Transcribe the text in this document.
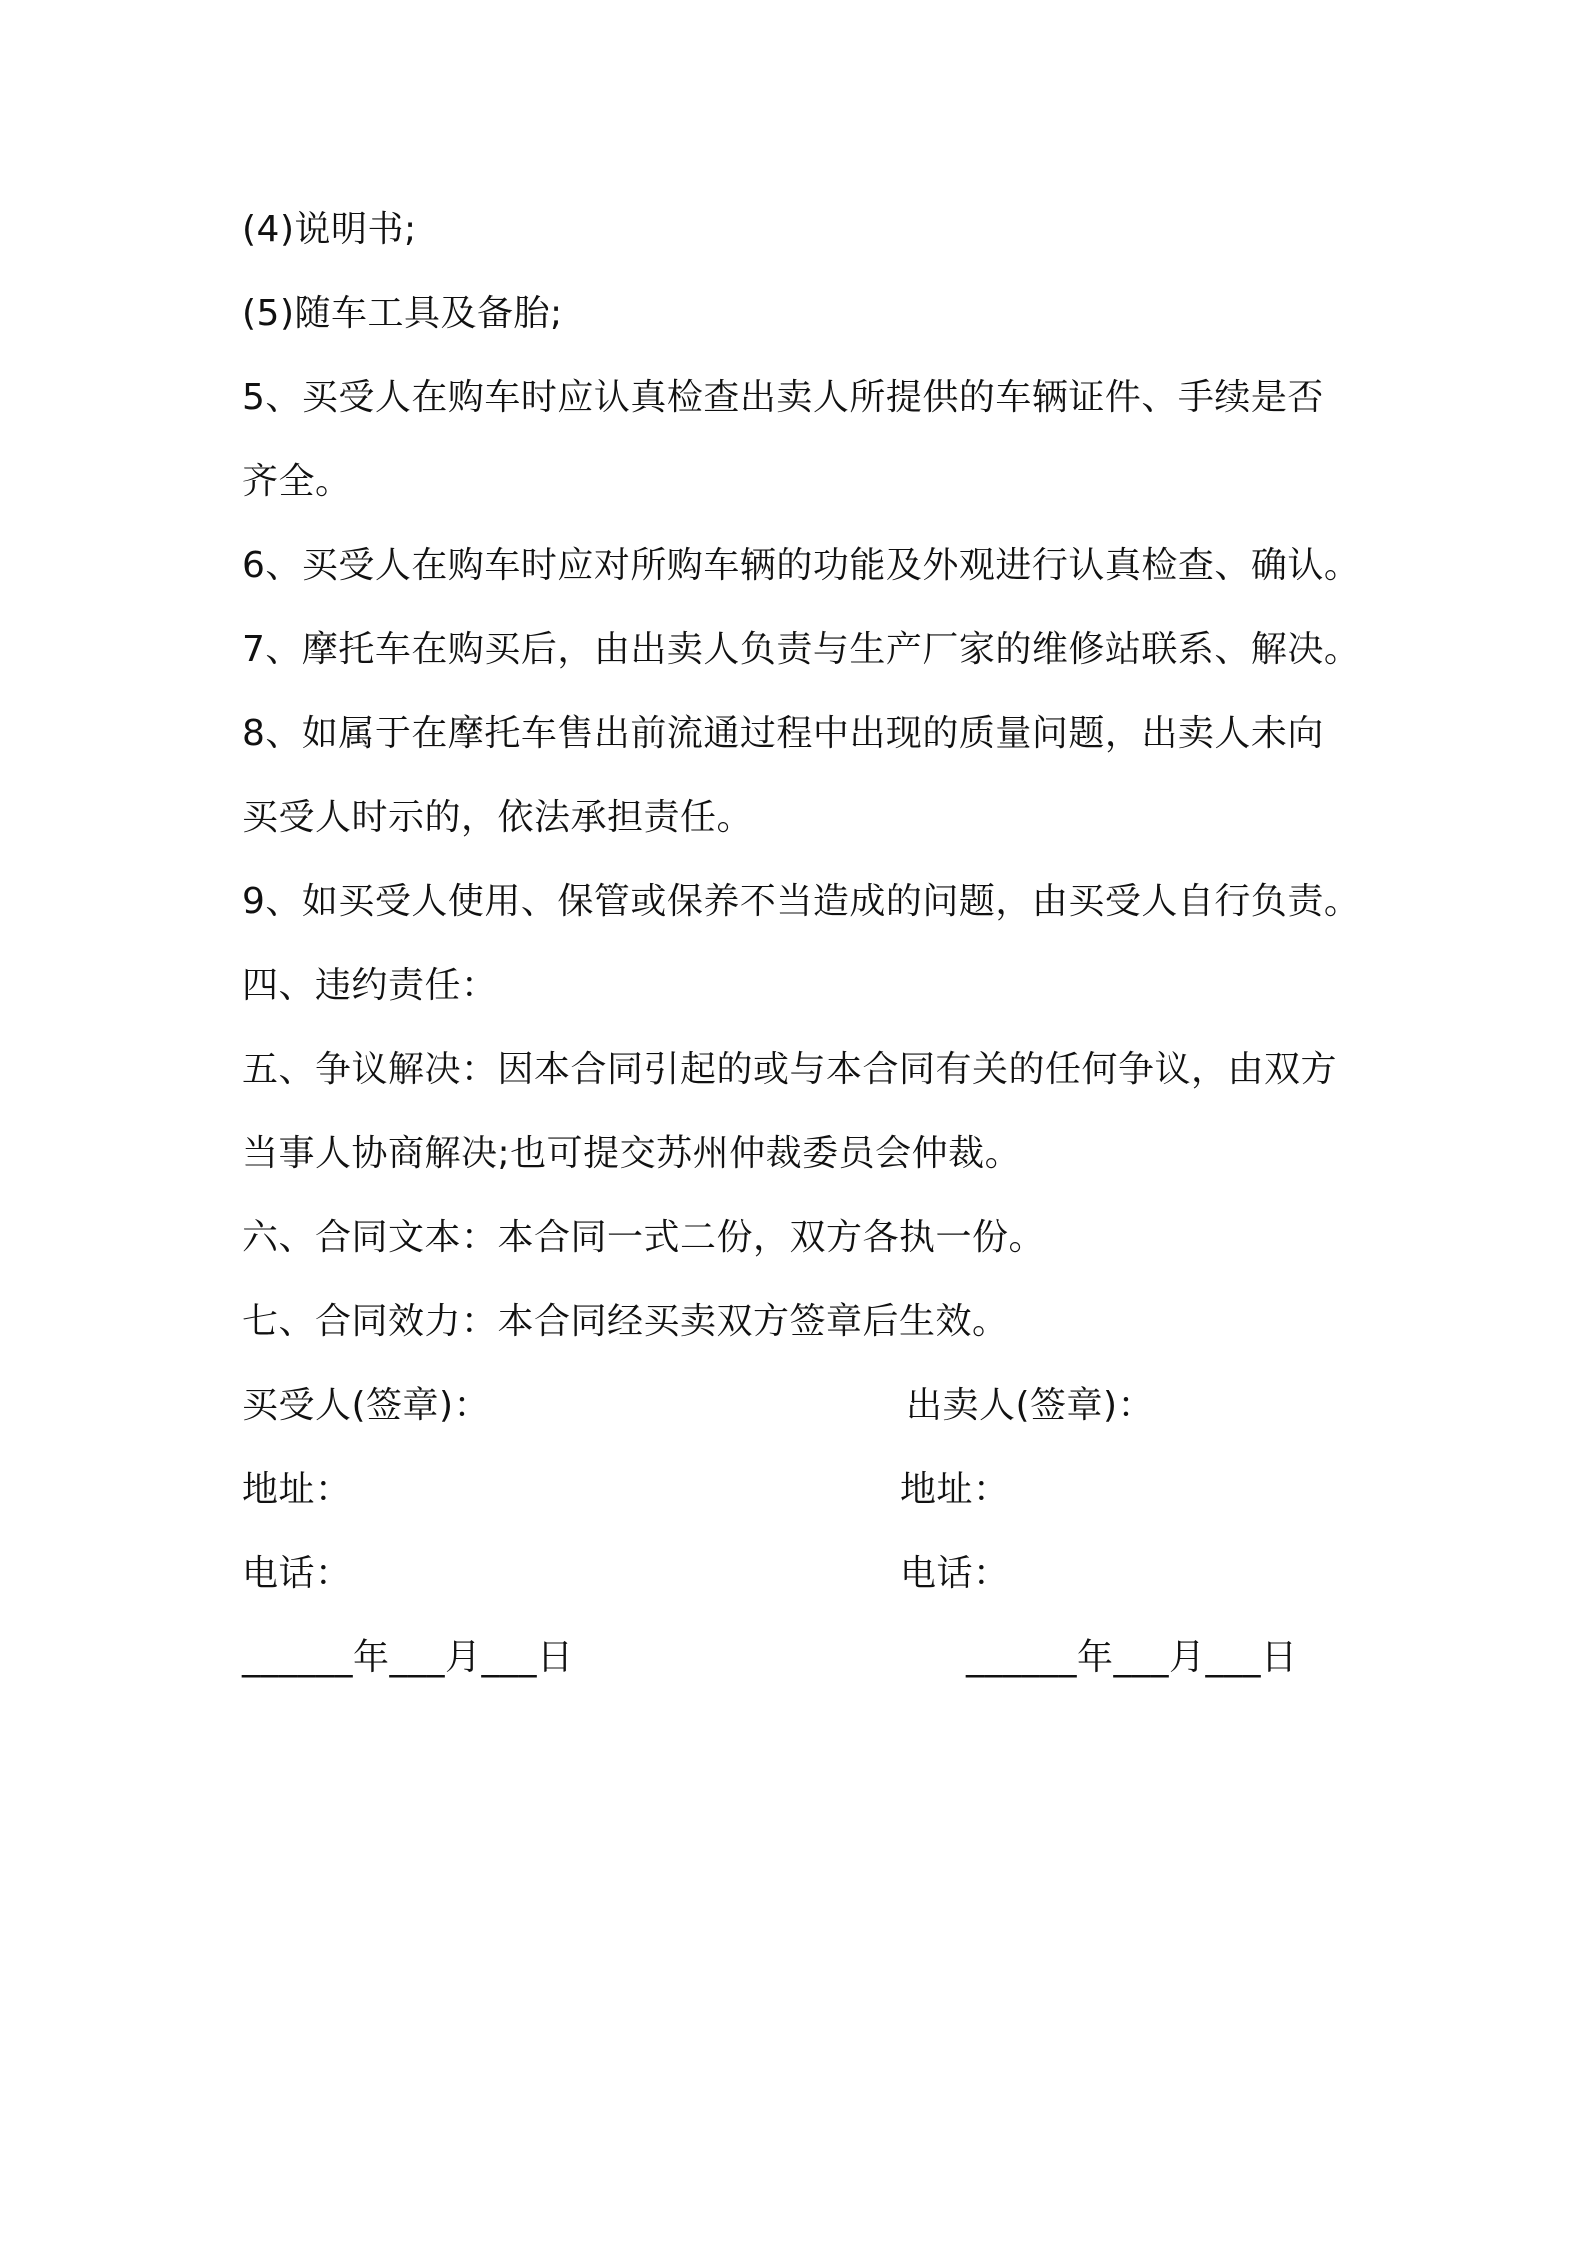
(4)说明书;
(5)随车工具及备胎;
5、买受人在购车时应认真检查出卖人所提供的车辆证件、手续是否
齐全。
6、买受人在购车时应对所购车辆的功能及外观进行认真检查、确认。
7、摩托车在购买后，由出卖人负责与生产厂家的维修站联系、解决。
8、如属于在摩托车售出前流通过程中出现的质量问题，出卖人未向
买受人时示的，依法承担责任。
9、如买受人使用、保管或保养不当造成的问题，由买受人自行负责。
四、违约责任：
五、争议解决：因本合同引起的或与本合同有关的任何争议，由双方
当事人协商解决;也可提交苏州仲裁委员会仲裁。
六、合同文本：本合同一式二份，双方各执一份。
七、合同效力：本合同经买卖双方签章后生效。
买受人(签章)：
地址：
电话：
______年___月___日
出卖人(签章)：
地址：
电话：
______年___月___日
